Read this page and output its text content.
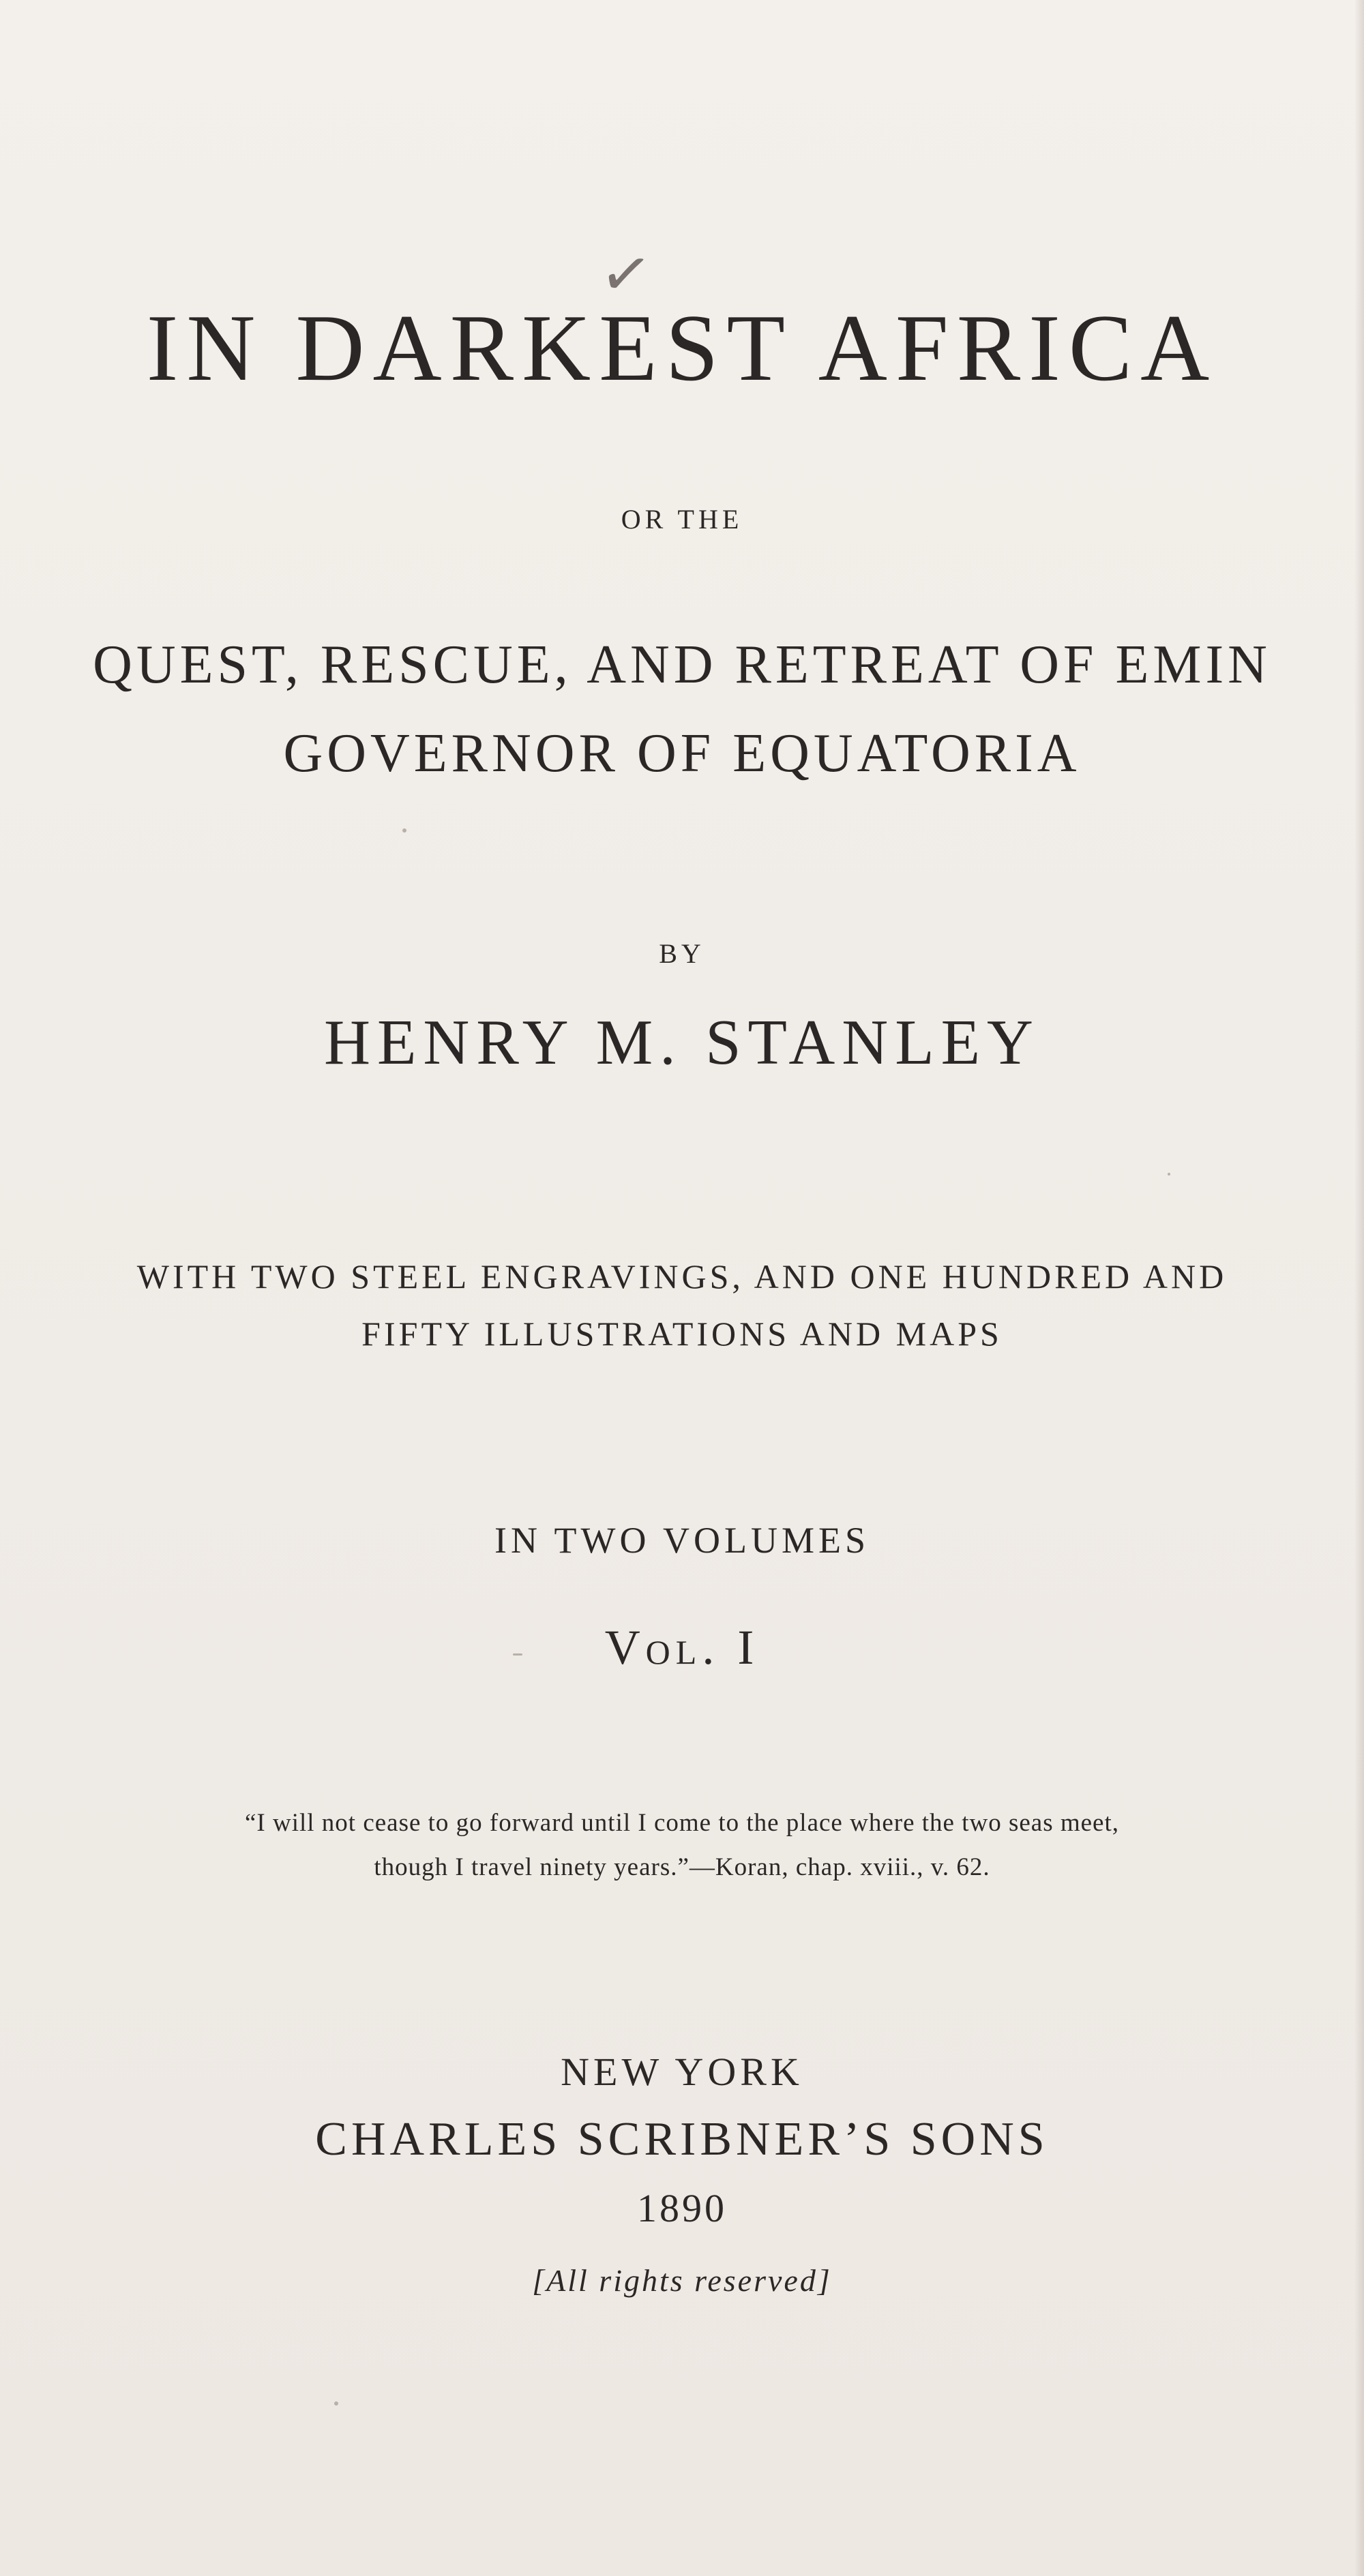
✓
IN DARKEST AFRICA
OR THE
QUEST, RESCUE, AND RETREAT OF EMIN
GOVERNOR OF EQUATORIA
BY
HENRY M. STANLEY
WITH TWO STEEL ENGRAVINGS, AND ONE HUNDRED AND
FIFTY ILLUSTRATIONS AND MAPS
IN TWO VOLUMES
Vol. I
“I will not cease to go forward until I come to the place where the two seas meet,
though I travel ninety years.”—Koran, chap. xviii., v. 62.
NEW YORK
CHARLES SCRIBNER’S SONS
1890
[All rights reserved]
